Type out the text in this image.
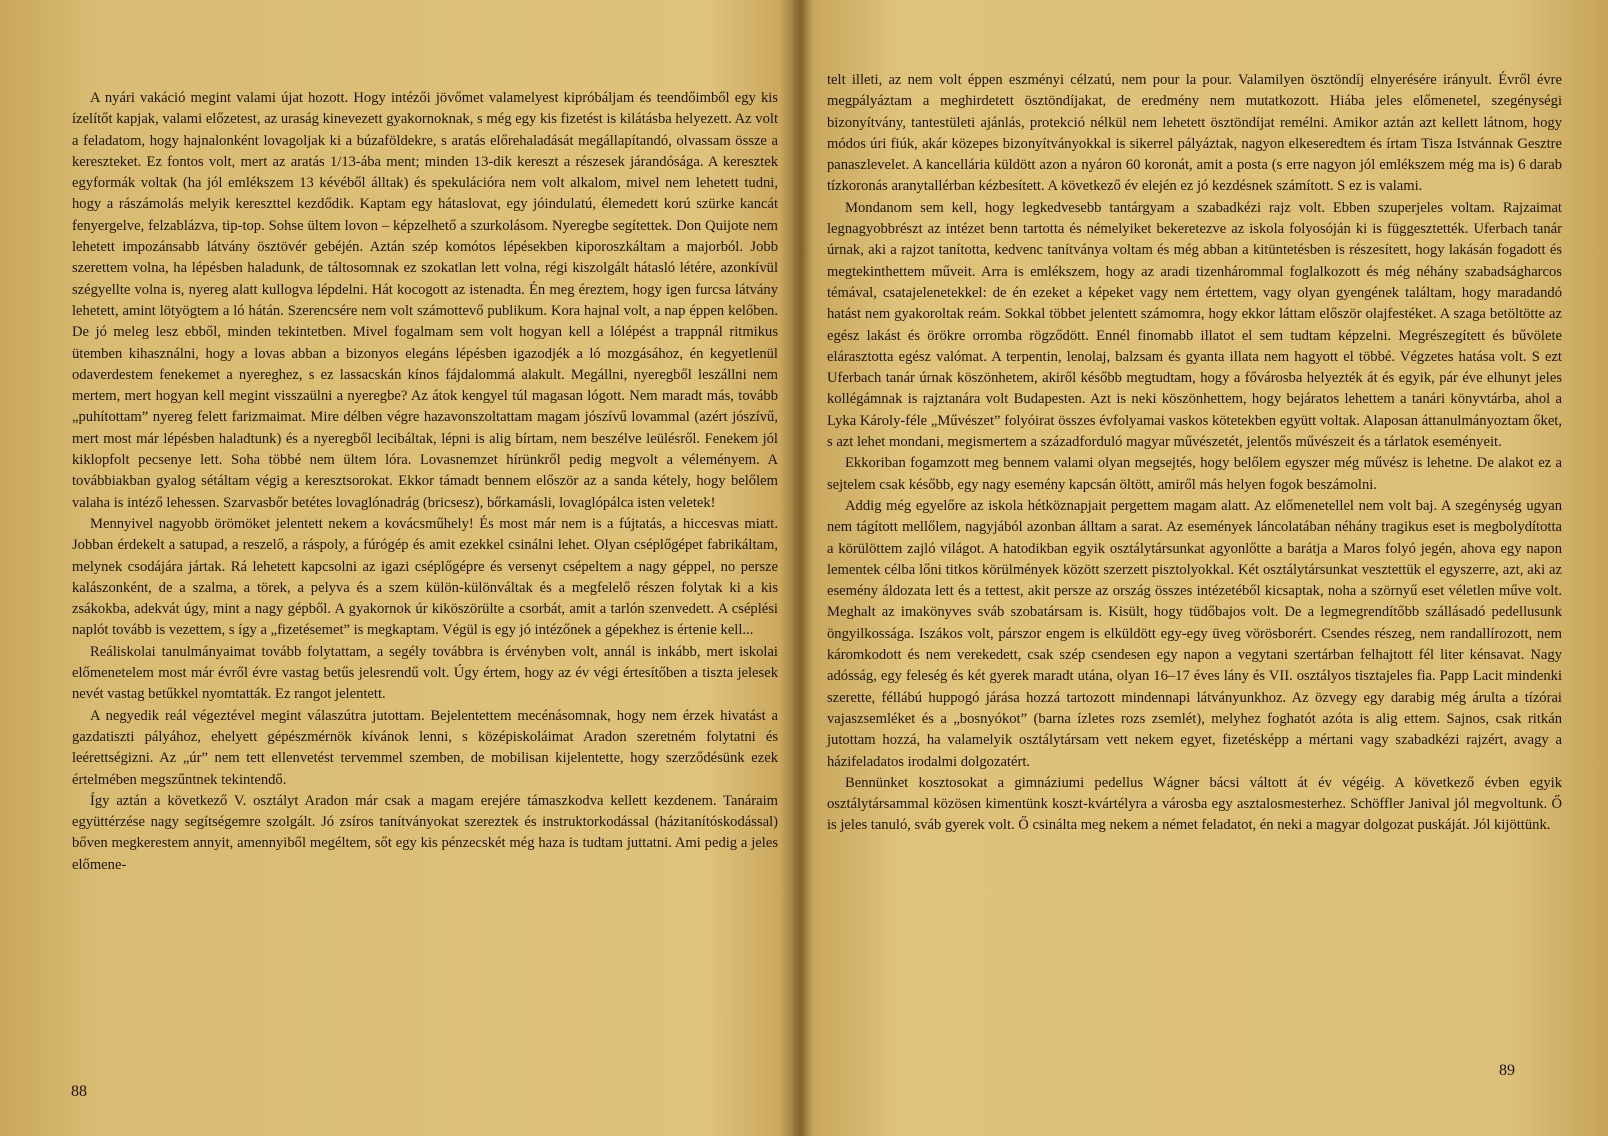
A nyári vakáció megint valami újat hozott. Hogy intézői jövőmet valamelyest kipróbáljam és teendőimből egy kis ízelítőt kapjak, valami előzetest, az uraság kinevezett gyakornoknak, s még egy kis fizetést is kilátásba helyezett. Az volt a feladatom, hogy hajnalonként lovagoljak ki a búzaföldekre, s aratás előrehaladását megállapítandó, olvassam össze a kereszteket. Ez fontos volt, mert az aratás 1/13-ába ment; minden 13-dik kereszt a részesek járandósága. A keresztek egyformák voltak (ha jól emlékszem 13 kévéből álltak) és spekulációra nem volt alkalom, mivel nem lehetett tudni, hogy a rászámolás melyik kereszttel kezdődik. Kaptam egy hátaslovat, egy jóindulatú, élemedett korú szürke kancát fenyergelve, felzablázva, tip-top. Sohse ültem lovon – képzelhető a szurkolásom. Nyeregbe segítettek. Don Quijote nem lehetett impozánsabb látvány ösztövér gebéjén. Aztán szép komótos lépésekben kiporoszkáltam a majorból. Jobb szerettem volna, ha lépésben haladunk, de táltosomnak ez szokatlan lett volna, régi kiszolgált hátasló létére, azonkívül szégyellte volna is, nyereg alatt kullogva lépdelni. Hát kocogott az istenadta. Én meg éreztem, hogy igen furcsa látvány lehetett, amint lötyögtem a ló hátán. Szerencsére nem volt számottevő publikum. Kora hajnal volt, a nap éppen kelőben. De jó meleg lesz ebből, minden tekintetben. Mivel fogalmam sem volt hogyan kell a lólépést a trappnál ritmikus ütemben kihasználni, hogy a lovas abban a bizonyos elegáns lépésben igazodjék a ló mozgásához, én kegyetlenül odaverdestem fenekemet a nyereghez, s ez lassacskán kínos fájdalommá alakult. Megállni, nyeregből leszállni nem mertem, mert hogyan kell megint visszaülni a nyeregbe? Az átok kengyel túl magasan lógott. Nem maradt más, tovább „puhítottam” nyereg felett farizmaimat. Mire délben végre hazavonszoltattam magam jószívű lovammal (azért jószívű, mert most már lépésben haladtunk) és a nyeregből lecibáltak, lépni is alig bírtam, nem beszélve leülésről. Fenekem jól kiklopfolt pecsenye lett. Soha többé nem ültem lóra. Lovasnemzet hírünkről pedig megvolt a véleményem. A továbbiakban gyalog sétáltam végig a keresztsorokat. Ekkor támadt bennem először az a sanda kétely, hogy belőlem valaha is intéző lehessen. Szarvasbőr betétes lovaglónadrág (bricsesz), bőrkamásli, lovaglópálca isten veletek!

Mennyivel nagyobb örömöket jelentett nekem a kovácsműhely! És most már nem is a fújtatás, a hiccesvas miatt. Jobban érdekelt a satupad, a reszelő, a ráspoly, a fúrógép és amit ezekkel csinálni lehet. Olyan cséplőgépet fabrikáltam, melynek csodájára jártak. Rá lehetett kapcsolni az igazi cséplőgépre és versenyt csépeltem a nagy géppel, no persze kalászonként, de a szalma, a törek, a pelyva és a szem külön-különváltak és a megfelelő részen folytak ki a kis zsákokba, adekvát úgy, mint a nagy gépből. A gyakornok úr kiköszörülte a csorbát, amit a tarlón szenvedett. A cséplési naplót tovább is vezettem, s így a „fizetésemet” is megkaptam. Végül is egy jó intézőnek a gépekhez is értenie kell...

Reáliskolai tanulmányaimat tovább folytattam, a segély továbbra is érvényben volt, annál is inkább, mert iskolai előmenetelem most már évről évre vastag betűs jelesrendű volt. Úgy értem, hogy az év végi értesítőben a tiszta jelesek nevét vastag betűkkel nyomtatták. Ez rangot jelentett.

A negyedik reál végeztével megint válaszútra jutottam. Bejelentettem mecénásomnak, hogy nem érzek hivatást a gazdatiszti pályához, ehelyett gépészmérnök kívánok lenni, s középiskoláimat Aradon szeretném folytatni és leérettségizni. Az „úr” nem tett ellenvetést tervemmel szemben, de mobilisan kijelentette, hogy szerződésünk ezek értelmében megszűntnek tekintendő.

Így aztán a következő V. osztályt Aradon már csak a magam erejére támaszkodva kellett kezdenem. Tanáraim együttérzése nagy segítségemre szolgált. Jó zsíros tanítványokat szereztek és instruktorkodással (házitanítóskodással) bőven megkerestem annyit, amennyiből megéltem, sőt egy kis pénzecskét még haza is tudtam juttatni. Ami pedig a jeles előmene-

88

telt illeti, az nem volt éppen eszményi célzatú, nem pour la pour. Valamilyen ösztöndíj elnyerésére irányult. Évről évre megpályáztam a meghirdetett ösztöndíjakat, de eredmény nem mutatkozott. Hiába jeles előmenetel, szegénységi bizonyítvány, tantestületi ajánlás, protekció nélkül nem lehetett ösztöndíjat remélni. Amikor aztán azt kellett látnom, hogy módos úri fiúk, akár közepes bizonyítványokkal is sikerrel pályáztak, nagyon elkeseredtem és írtam Tisza Istvánnak Gesztre panaszlevelet. A kancellária küldött azon a nyáron 60 koronát, amit a posta (s erre nagyon jól emlékszem még ma is) 6 darab tízkoronás aranytallérban kézbesített. A következő év elején ez jó kezdésnek számított. S ez is valami.

Mondanom sem kell, hogy legkedvesebb tantárgyam a szabadkézi rajz volt. Ebben szuperjeles voltam. Rajzaimat legnagyobbrészt az intézet benn tartotta és némelyiket bekeretezve az iskola folyosóján ki is függesztették. Uferbach tanár úrnak, aki a rajzot tanította, kedvenc tanítványa voltam és még abban a kitüntetésben is részesített, hogy lakásán fogadott és megtekinthettem műveit. Arra is emlékszem, hogy az aradi tizenhárommal foglalkozott és még néhány szabadságharcos témával, csatajelenetekkel: de én ezeket a képeket vagy nem értettem, vagy olyan gyengének találtam, hogy maradandó hatást nem gyakoroltak reám. Sokkal többet jelentett számomra, hogy ekkor láttam először olajfestéket. A szaga betöltötte az egész lakást és örökre orromba rögződött. Ennél finomabb illatot el sem tudtam képzelni. Megrészegített és bűvölete elárasztotta egész valómat. A terpentin, lenolaj, balzsam és gyanta illata nem hagyott el többé. Végzetes hatása volt. S ezt Uferbach tanár úrnak köszönhetem, akiről később megtudtam, hogy a fővárosba helyezték át és egyik, pár éve elhunyt jeles kollégámnak is rajztanára volt Budapesten. Azt is neki köszönhettem, hogy bejáratos lehettem a tanári könyvtárba, ahol a Lyka Károly-féle „Művészet” folyóirat összes évfolyamai vaskos kötetekben együtt voltak. Alaposan áttanulmányoztam őket, s azt lehet mondani, megismertem a századforduló magyar művészetét, jelentős művészeit és a tárlatok eseményeit.

Ekkoriban fogamzott meg bennem valami olyan megsejtés, hogy belőlem egyszer még művész is lehetne. De alakot ez a sejtelem csak később, egy nagy esemény kapcsán öltött, amiről más helyen fogok beszámolni.

Addig még egyelőre az iskola hétköznapjait pergettem magam alatt. Az előmenetellel nem volt baj. A szegénység ugyan nem tágított mellőlem, nagyjából azonban álltam a sarat. Az események láncolatában néhány tragikus eset is megbolydította a körülöttem zajló világot. A hatodikban egyik osztálytársunkat agyonlőtte a barátja a Maros folyó jegén, ahova egy napon lementek célba lőni titkos körülmények között szerzett pisztolyokkal. Két osztálytársunkat vesztettük el egyszerre, azt, aki az esemény áldozata lett és a tettest, akit persze az ország összes intézetéből kicsaptak, noha a szörnyű eset véletlen műve volt. Meghalt az imakönyves sváb szobatársam is. Kisült, hogy tüdőbajos volt. De a legmegrendítőbb szállásadó pedellusunk öngyilkossága. Iszákos volt, párszor engem is elküldött egy-egy üveg vörösborért. Csendes részeg, nem randallírozott, nem káromkodott és nem verekedett, csak szép csendesen egy napon a vegytani szertárban felhajtott fél liter kénsavat. Nagy adósság, egy feleség és két gyerek maradt utána, olyan 16–17 éves lány és VII. osztályos tisztajeles fia. Papp Lacit mindenki szerette, féllábú huppogó járása hozzá tartozott mindennapi látványunkhoz. Az özvegy egy darabig még árulta a tízórai vajaszsemléket és a „bosnyókot” (barna ízletes rozs zsemlét), melyhez foghatót azóta is alig ettem. Sajnos, csak ritkán jutottam hozzá, ha valamelyik osztálytársam vett nekem egyet, fizetésképp a mértani vagy szabadkézi rajzért, avagy a házifeladatos irodalmi dolgozatért.

Bennünket kosztosokat a gimnáziumi pedellus Wágner bácsi váltott át év végéig. A következő évben egyik osztálytársammal közösen kimentünk koszt-kvártélyra a városba egy asztalosmesterhez. Schöffler Janival jól megvoltunk. Ő is jeles tanuló, sváb gyerek volt. Ő csinálta meg nekem a német feladatot, én neki a magyar dolgozat puskáját. Jól kijöttünk.

89
